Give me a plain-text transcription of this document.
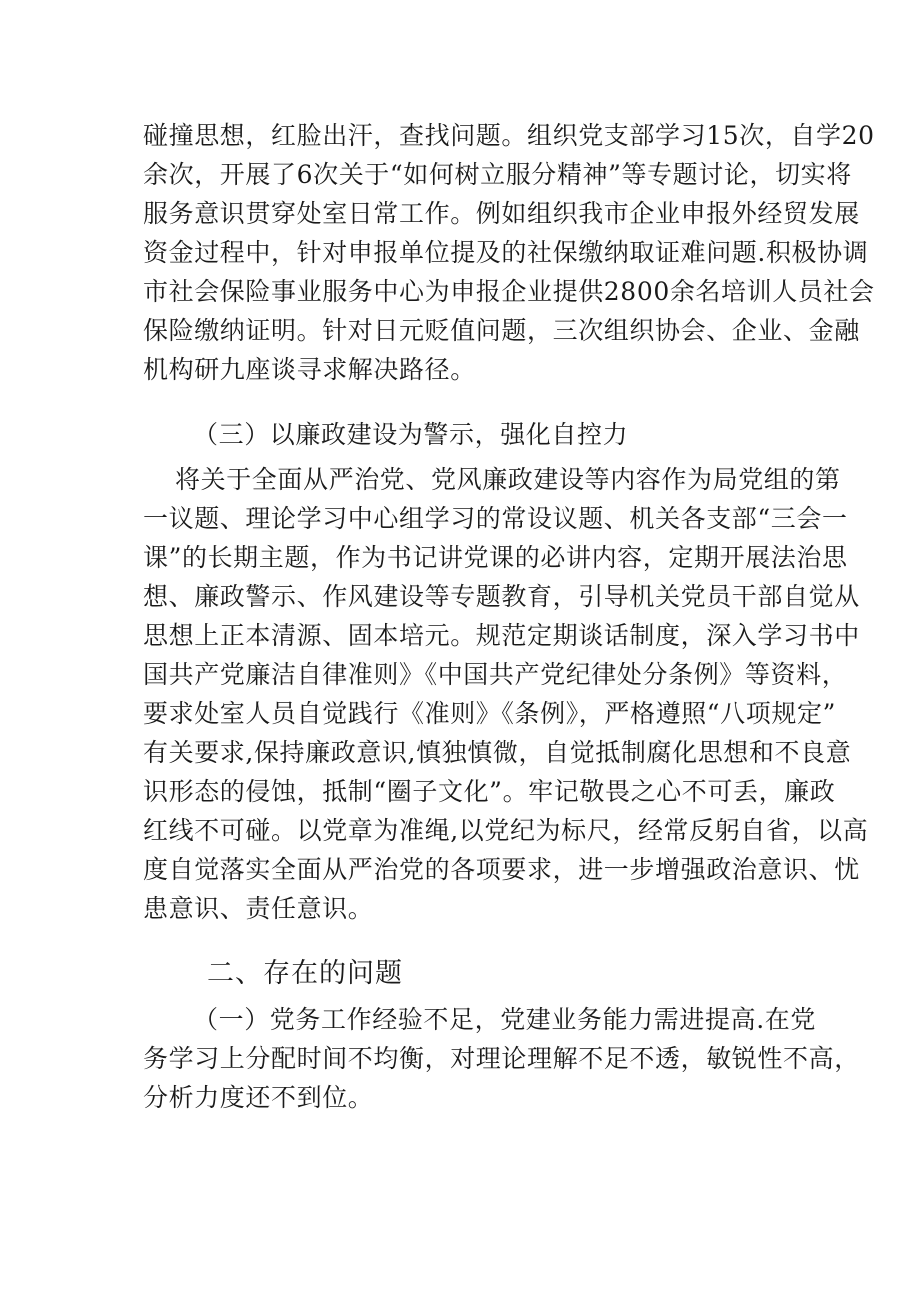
碰撞思想，红脸出汗，查找问题。组织党支部学习15次，自学20
余次，开展了6次关于“如何树立服分精神”等专题讨论，切实将
服务意识贯穿处室日常工作。例如组织我市企业申报外经贸发展
资金过程中，针对申报单位提及的社保缴纳取证难问题.积极协调
市社会保险事业服务中心为申报企业提供2800余名培训人员社会
保险缴纳证明。针对日元贬值问题，三次组织协会、企业、金融
机构研九座谈寻求解决路径。
（三）以廉政建设为警示，强化自控力
将关于全面从严治党、党风廉政建设等内容作为局党组的第
一议题、理论学习中心组学习的常设议题、机关各支部“三会一
课”的长期主题，作为书记讲党课的必讲内容，定期开展法治思
想、廉政警示、作风建设等专题教育，引导机关党员干部自觉从
思想上正本清源、固本培元。规范定期谈话制度，深入学习书中
国共产党廉洁自律准则》《中国共产党纪律处分条例》等资料，
要求处室人员自觉践行《准则》《条例》，严格遵照“八项规定”
有关要求,保持廉政意识,慎独慎微，自觉抵制腐化思想和不良意
识形态的侵蚀，抵制“圈子文化”。牢记敬畏之心不可丢，廉政
红线不可碰。以党章为准绳,以党纪为标尺，经常反躬自省，以高
度自觉落实全面从严治党的各项要求，进一步增强政治意识、忧
患意识、责任意识。
二、存在的问题
（一）党务工作经验不足，党建业务能力需进提高.在党
务学习上分配时间不均衡，对理论理解不足不透，敏锐性不高，
分析力度还不到位。
